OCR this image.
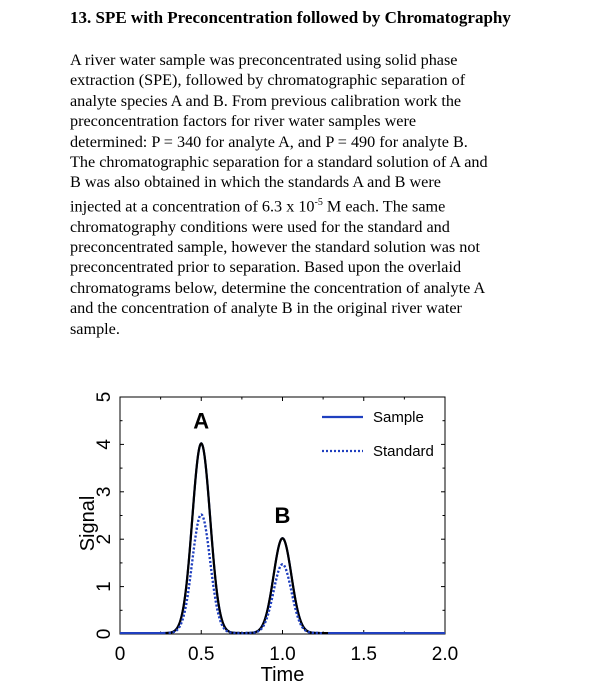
13. SPE with Preconcentration followed by Chromatography

A river water sample was preconcentrated using solid phase
extraction (SPE), followed by chromatographic separation of
analyte species A and B. From previous calibration work the
preconcentration factors for river water samples were
determined: P = 340 for analyte A, and P = 490 for analyte B.
The chromatographic separation for a standard solution of A and
B was also obtained in which the standards A and B were
injected at a concentration of 6.3 x $10^{-5}$ M each. The same
chromatography conditions were used for the standard and
preconcentrated sample, however the standard solution was not
preconcentrated prior to separation. Based upon the overlaid
chromatograms below, determine the concentration of analyte A
and the concentration of analyte B in the original river water
sample.

0	0.5	1.0	1.5	2.0
0
1
2
3
4
5
Time
Signal
A
B
Sample
Standard
